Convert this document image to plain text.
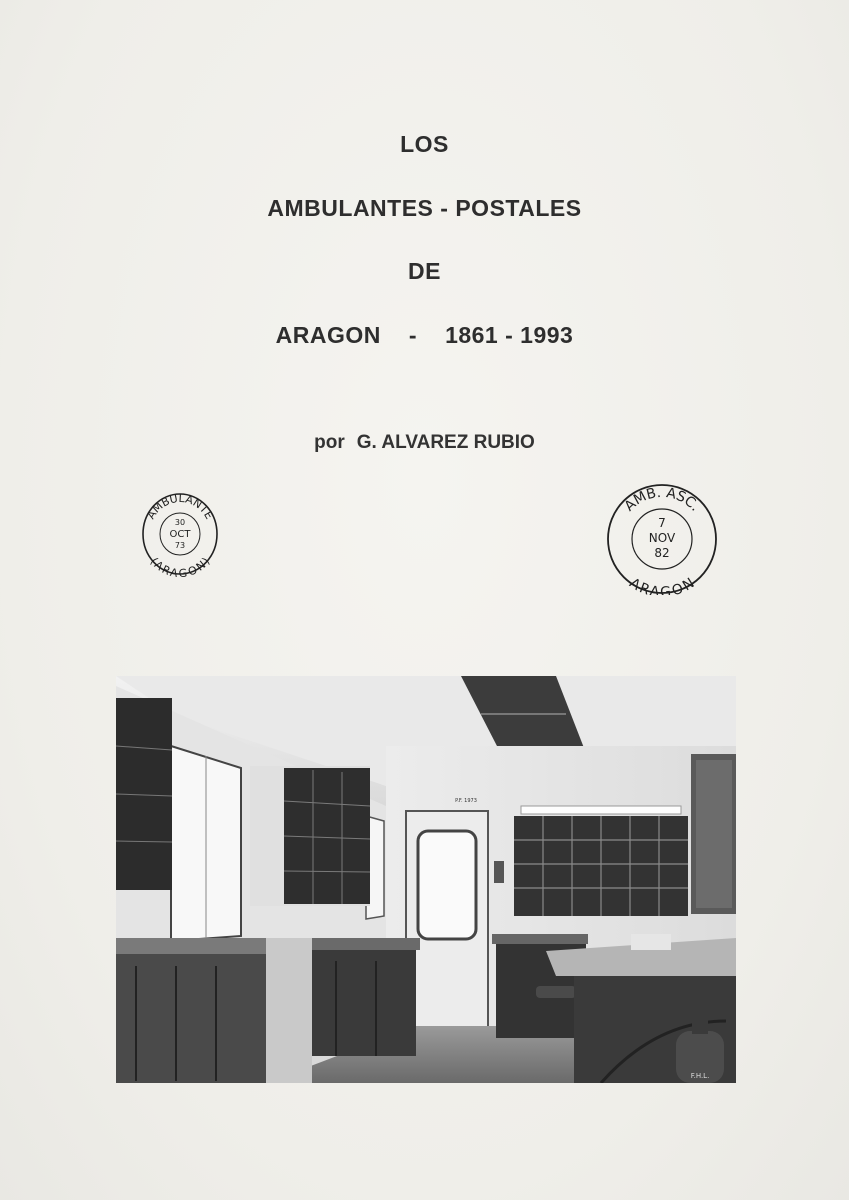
LOS
AMBULANTES - POSTALES
DE
ARAGON - 1861 - 1993
por G. ALVAREZ RUBIO
AMBULANTE
(ARAGON)
30
OCT
73
AMB. ASC.
ARAGON
7
NOV
82
P.F. 1973
F.H.L.
